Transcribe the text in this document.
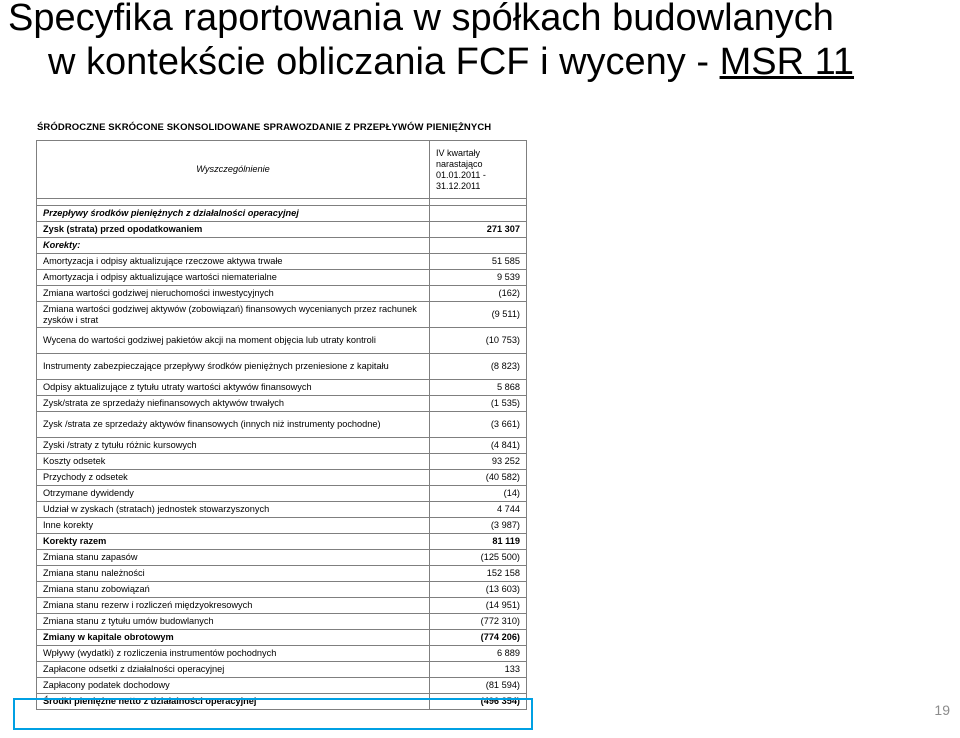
Specyfika raportowania w spółkach budowlanych
w kontekście obliczania FCF i wyceny - MSR 11
ŚRÓDROCZNE SKRÓCONE SKONSOLIDOWANE SPRAWOZDANIE Z PRZEPŁYWÓW PIENIĘŻNYCH
Wyszczególnienie	IV kwartały
narastająco
01.01.2011 -
31.12.2011

Przepływy środków pieniężnych z działalności operacyjnej	
Zysk (strata) przed opodatkowaniem	271 307
Korekty:	
Amortyzacja i odpisy aktualizujące rzeczowe aktywa trwałe	51 585
Amortyzacja i odpisy aktualizujące wartości niematerialne	9 539
Zmiana wartości godziwej nieruchomości inwestycyjnych	(162)
Zmiana wartości godziwej aktywów (zobowiązań) finansowych wycenianych przez rachunek zysków i strat	(9 511)
Wycena do wartości godziwej pakietów akcji na moment objęcia lub utraty kontroli	(10 753)
Instrumenty zabezpieczające przepływy środków pieniężnych przeniesione z kapitału	(8 823)
Odpisy aktualizujące z tytułu utraty wartości aktywów finansowych	5 868
Zysk/strata ze sprzedaży niefinansowych aktywów trwałych	(1 535)
Zysk /strata ze sprzedaży aktywów finansowych (innych niż instrumenty pochodne)	(3 661)
Zyski /straty z tytułu różnic kursowych	(4 841)
Koszty odsetek	93 252
Przychody z odsetek	(40 582)
Otrzymane dywidendy	(14)
Udział w zyskach (stratach) jednostek stowarzyszonych	4 744
Inne korekty	(3 987)
Korekty razem	81 119
Zmiana stanu zapasów	(125 500)
Zmiana stanu należności	152 158
Zmiana stanu zobowiązań	(13 603)
Zmiana stanu rezerw i rozliczeń międzyokresowych	(14 951)
Zmiana stanu z tytułu umów budowlanych	(772 310)
Zmiany w kapitale obrotowym	(774 206)
Wpływy (wydatki) z rozliczenia instrumentów pochodnych	6 889
Zapłacone odsetki z działalności operacyjnej	133
Zapłacony podatek dochodowy	(81 594)
Środki pieniężne netto z działalności operacyjnej	(496 354)
19
